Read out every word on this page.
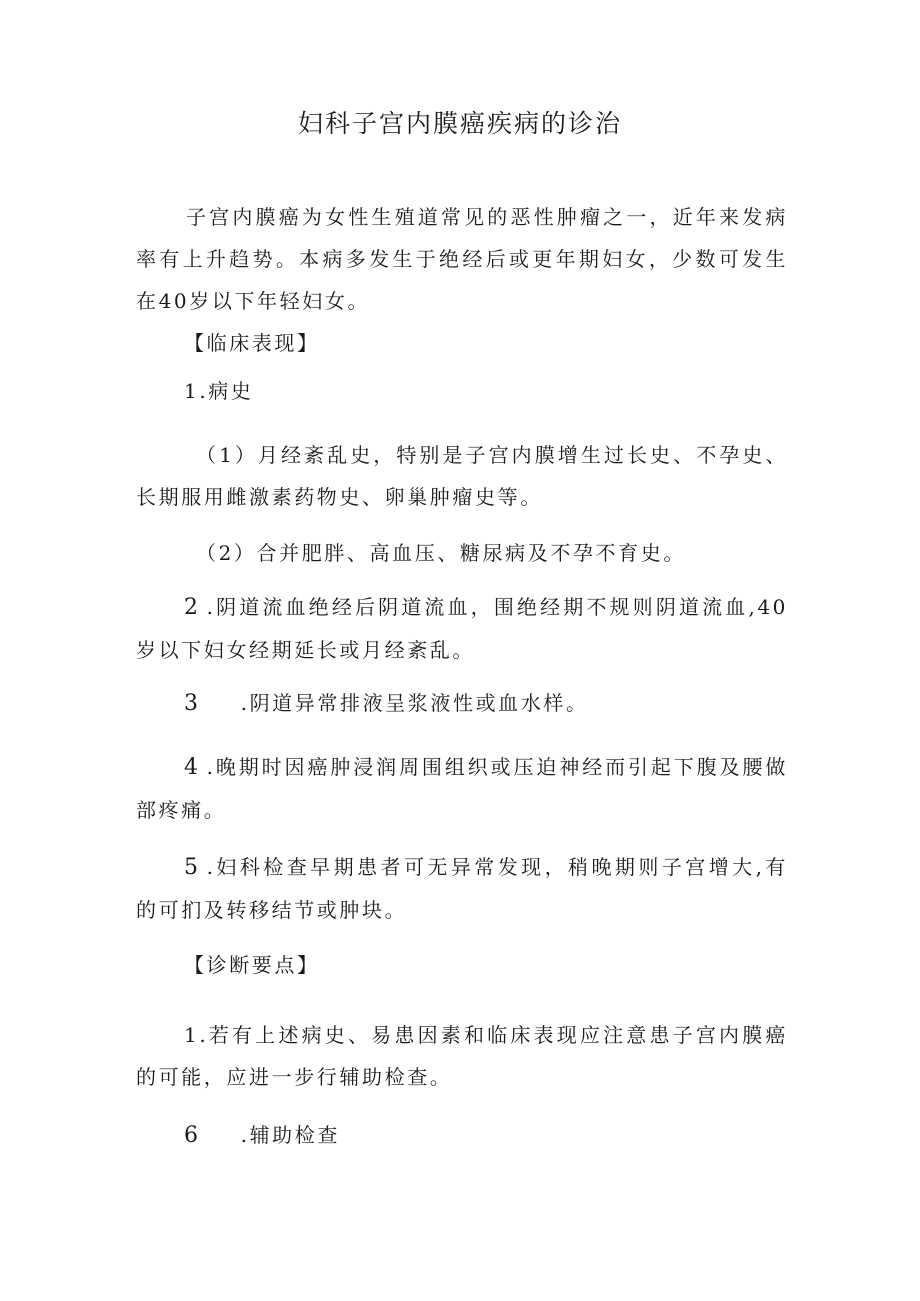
妇科子宫内膜癌疾病的诊治
子宫内膜癌为女性生殖道常见的恶性肿瘤之一，近年来发病率有上升趋势。本病多发生于绝经后或更年期妇女，少数可发生在40岁以下年轻妇女。
【临床表现】
1.病史
（1）月经紊乱史，特别是子宫内膜增生过长史、不孕史、长期服用雌激素药物史、卵巢肿瘤史等。
（2）合并肥胖、高血压、糖尿病及不孕不育史。
2 .阴道流血绝经后阴道流血，围绝经期不规则阴道流血,40岁以下妇女经期延长或月经紊乱。
3 .阴道异常排液呈浆液性或血水样。
4 .晚期时因癌肿浸润周围组织或压迫神经而引起下腹及腰做部疼痛。
5 .妇科检查早期患者可无异常发现，稍晚期则子宫增大,有的可扪及转移结节或肿块。
【诊断要点】
1.若有上述病史、易患因素和临床表现应注意患子宫内膜癌的可能，应进一步行辅助检查。
6 .辅助检查
